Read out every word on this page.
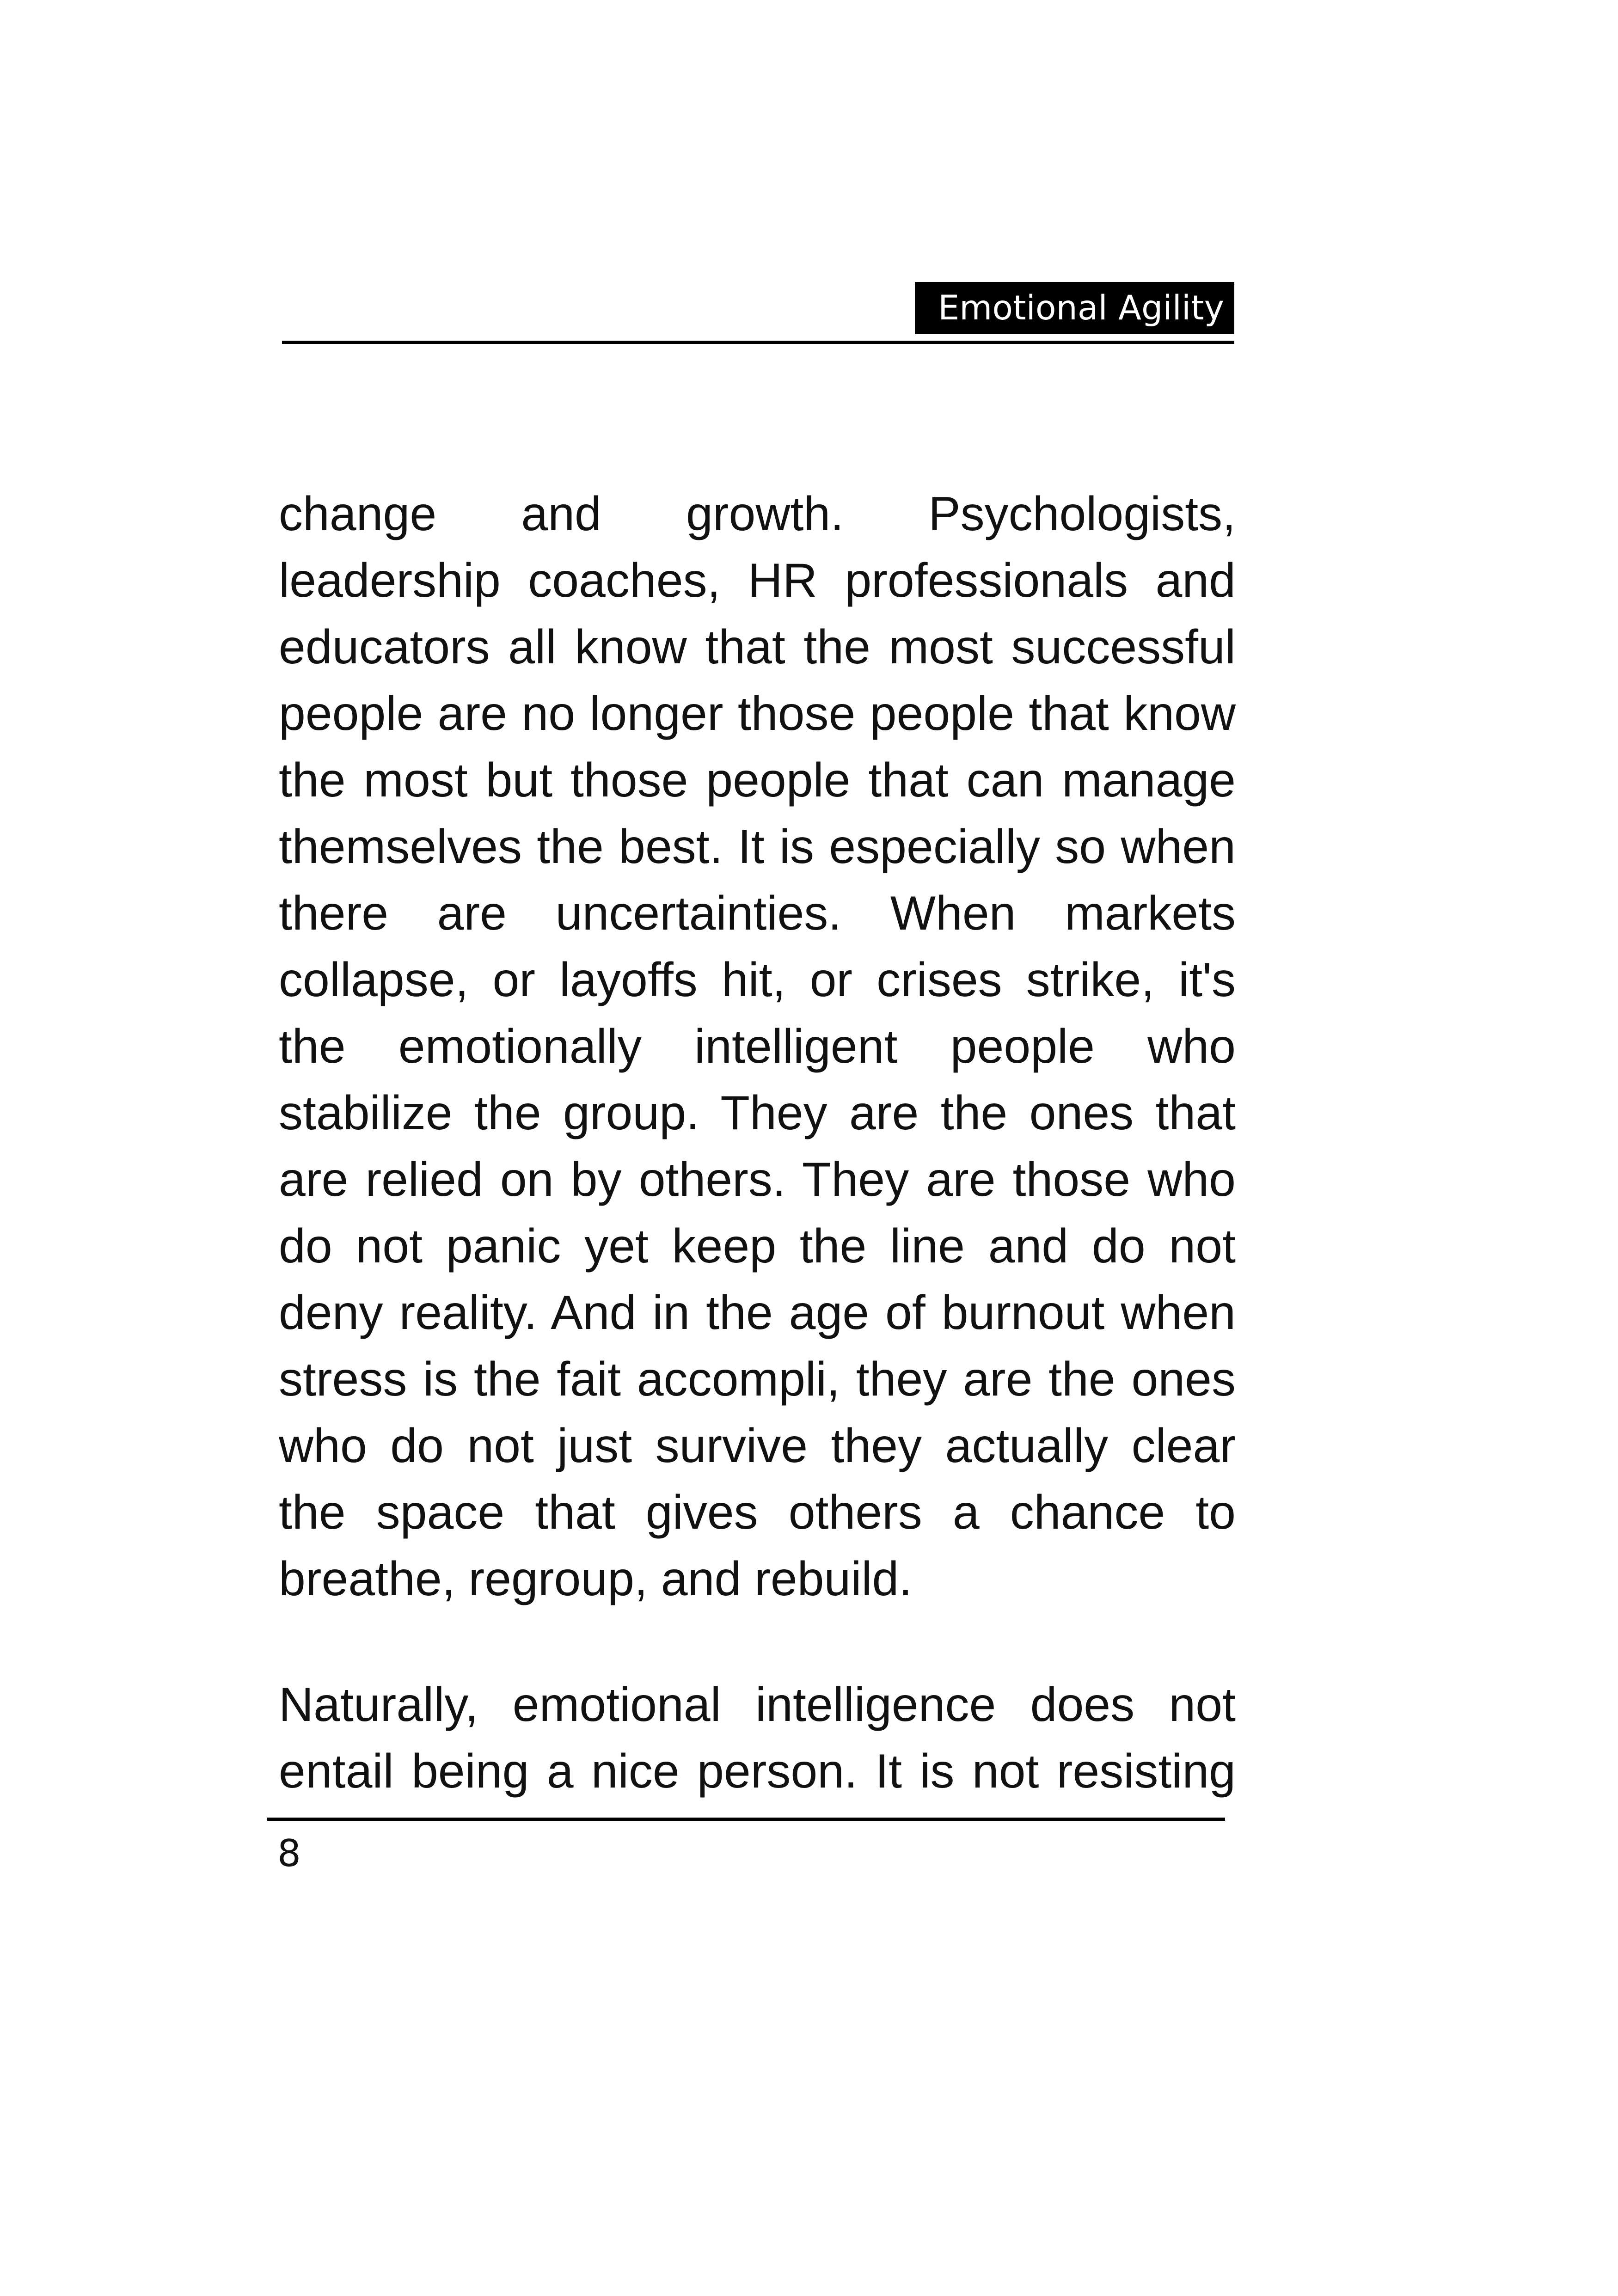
Emotional Agility

change and growth. Psychologists, leadership coaches, HR professionals and educators all know that the most successful people are no longer those people that know the most but those people that can manage themselves the best. It is especially so when there are uncertainties. When markets collapse, or layoffs hit, or crises strike, it's the emotionally intelligent people who stabilize the group. They are the ones that are relied on by others. They are those who do not panic yet keep the line and do not deny reality. And in the age of burnout when stress is the fait accompli, they are the ones who do not just survive they actually clear the space that gives others a chance to breathe, regroup, and rebuild.

Naturally, emotional intelligence does not entail being a nice person. It is not resisting

8
